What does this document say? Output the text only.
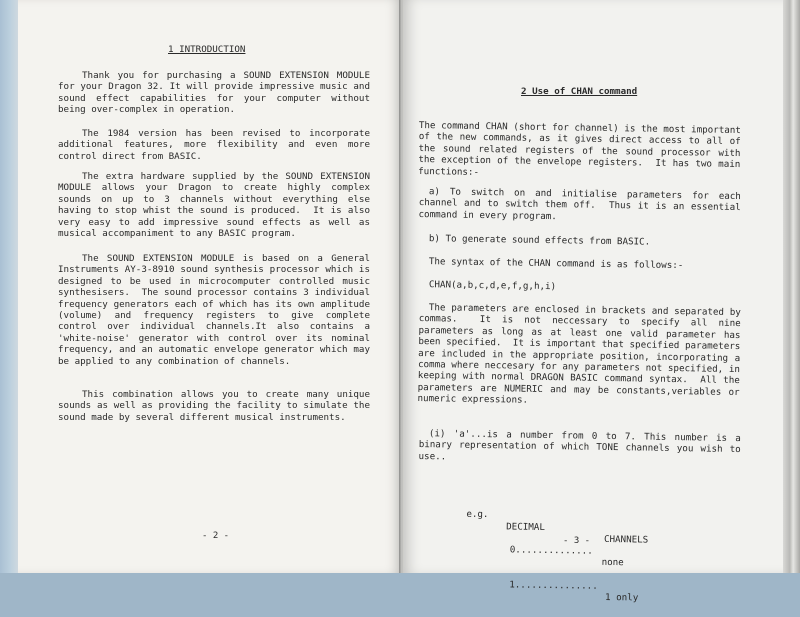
1 INTRODUCTION
Thank you for purchasing a SOUND EXTENSION MODULE for your Dragon 32. It will provide impressive music and sound effect capabilities for your computer without being over-complex in operation.
The 1984 version has been revised to incorporate additional features, more flexibility and even more control direct from BASIC.
The extra hardware supplied by the SOUND EXTENSION MODULE allows your Dragon to create highly complex sounds on up to 3 channels without everything else having to stop whist the sound is produced.  It is also very easy to add impressive sound effects as well as musical accompaniment to any BASIC program.
The SOUND EXTENSION MODULE is based on a General Instruments AY-3-8910 sound synthesis processor which is designed to be used in microcomputer controlled music synthesisers.  The sound processor contains 3 individual frequency generators each of which has its own amplitude (volume) and frequency registers to give complete control over individual channels.It also contains a 'white-noise' generator with control over its nominal frequency, and an automatic envelope generator which may be applied to any combination of channels.
This combination allows you to create many unique sounds as well as providing the facility to simulate the sound made by several different musical instruments.
- 2 -
2 Use of CHAN command
The command CHAN (short for channel) is the most important of the new commands, as it gives direct access to all of the sound related registers of the sound processor with the exception of the envelope registers.  It has two main functions:-
a) To switch on and initialise parameters for each channel and to switch them off.  Thus it is an essential command in every program.
b) To generate sound effects from BASIC.
The syntax of the CHAN command is as follows:-
CHAN(a,b,c,d,e,f,g,h,i)
The parameters are enclosed in brackets and separated by commas.  It is not neccessary to specify all nine parameters as long as at least one valid parameter has been specified.  It is important that specified parameters are included in the appropriate position, incorporating a comma where neccesary for any parameters not specified, in keeping with normal DRAGON BASIC command syntax.  All the parameters are NUMERIC and may be constants,veriables or numeric expressions.
(i) 'a'...is a number from 0 to 7. This number is a binary representation of which TONE channels you wish to use..

e.g.

DECIMAL

CHANNELS

0..............

none

1...............

1 only

- 3 -
